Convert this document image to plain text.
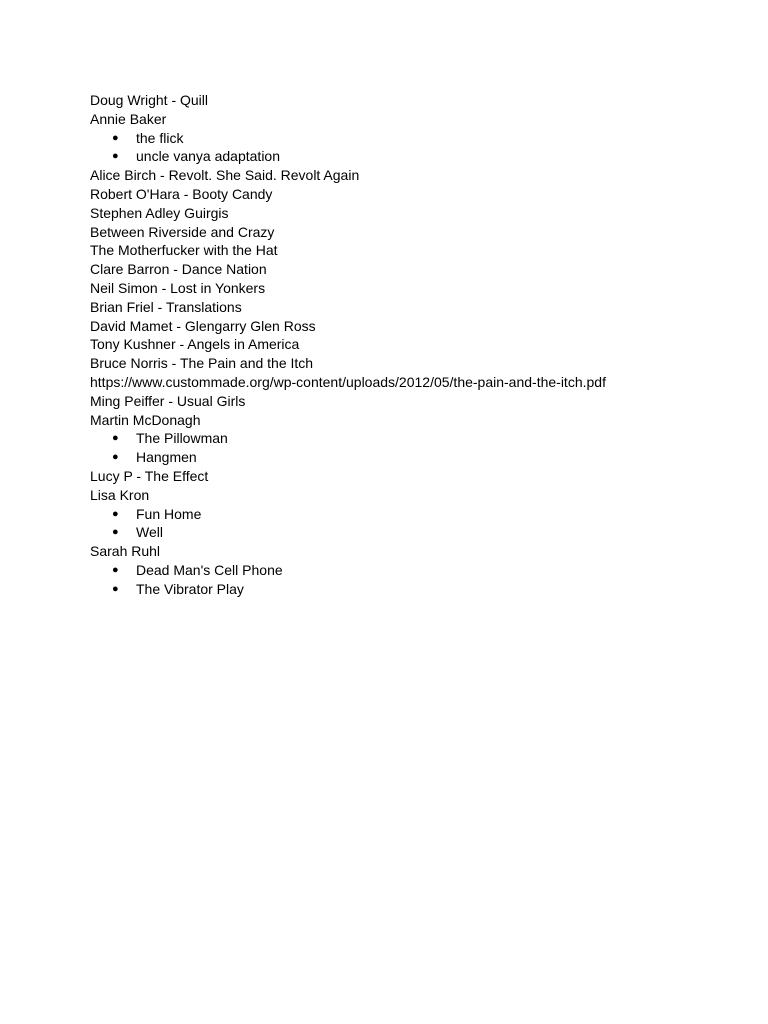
Doug Wright - Quill
Annie Baker
● the flick
● uncle vanya adaptation
Alice Birch - Revolt. She Said. Revolt Again
Robert O'Hara - Booty Candy
Stephen Adley Guirgis
Between Riverside and Crazy
The Motherfucker with the Hat
Clare Barron - Dance Nation
Neil Simon - Lost in Yonkers
Brian Friel - Translations
David Mamet - Glengarry Glen Ross
Tony Kushner - Angels in America
Bruce Norris - The Pain and the Itch
https://www.custommade.org/wp-content/uploads/2012/05/the-pain-and-the-itch.pdf
Ming Peiffer - Usual Girls
Martin McDonagh
● The Pillowman
● Hangmen
Lucy P - The Effect
Lisa Kron
● Fun Home
● Well
Sarah Ruhl
● Dead Man's Cell Phone
● The Vibrator Play
